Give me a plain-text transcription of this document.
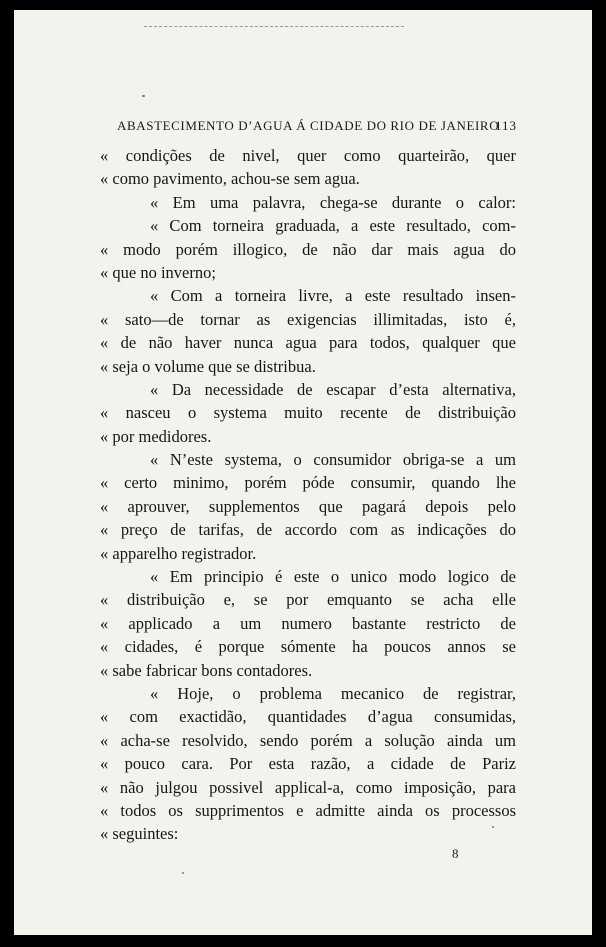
ABASTECIMENTO D’AGUA Á CIDADE DO RIO DE JANEIRO
113
« condições de nivel, quer como quarteirão, quer
« como pavimento, achou-se sem agua.
« Em uma palavra, chega-se durante o calor:
« Com torneira graduada, a este resultado, com-
« modo porém illogico, de não dar mais agua do
« que no inverno;
« Com a torneira livre, a este resultado insen-
« sato—de tornar as exigencias illimitadas, isto é,
« de não haver nunca agua para todos, qualquer que
« seja o volume que se distribua.
« Da necessidade de escapar d’esta alternativa,
« nasceu o systema muito recente de distribuição
« por medidores.
« N’este systema, o consumidor obriga-se a um
« certo minimo, porém póde consumir, quando lhe
« aprouver, supplementos que pagará depois pelo
« preço de tarifas, de accordo com as indicações do
« apparelho registrador.
« Em principio é este o unico modo logico de
« distribuição e, se por emquanto se acha elle
« applicado a um numero bastante restricto de
« cidades, é porque sómente ha poucos annos se
« sabe fabricar bons contadores.
« Hoje, o problema mecanico de registrar,
« com exactidão, quantidades d’agua consumidas,
« acha-se resolvido, sendo porém a solução ainda um
« pouco cara. Por esta razão, a cidade de Pariz
« não julgou possivel applical-a, como imposição, para
« todos os supprimentos e admitte ainda os processos
« seguintes:
8
